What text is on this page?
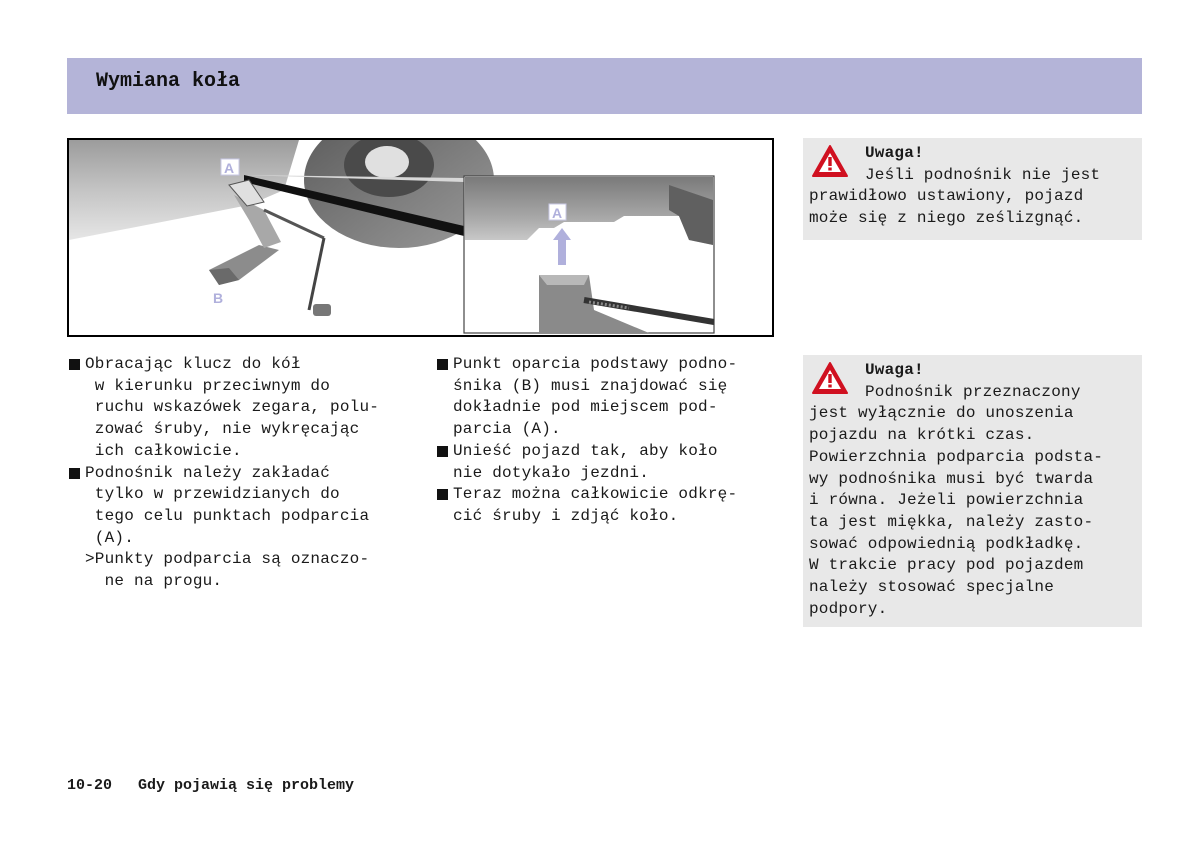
Wymiana koła
A
B
A
Obracając klucz do kół
w kierunku przeciwnym do
ruchu wskazówek zegara, polu-
zować śruby, nie wykręcając
ich całkowicie.
Podnośnik należy zakładać
tylko w przewidzianych do
tego celu punktach podparcia
(A).
>Punkty podparcia są oznaczo-
ne na progu.
Punkt oparcia podstawy podno-
śnika (B) musi znajdować się
dokładnie pod miejscem pod-
parcia (A).
Unieść pojazd tak, aby koło
nie dotykało jezdni.
Teraz można całkowicie odkrę-
cić śruby i zdjąć koło.
Uwaga!
Jeśli podnośnik nie jest
prawidłowo ustawiony, pojazd
może się z niego ześlizgnąć.
Uwaga!
Podnośnik przeznaczony
jest wyłącznie do unoszenia
pojazdu na krótki czas.
Powierzchnia podparcia podsta-
wy podnośnika musi być twarda
i równa. Jeżeli powierzchnia
ta jest miękka, należy zasto-
sować odpowiednią podkładkę.
W trakcie pracy pod pojazdem
należy stosować specjalne
podpory.
10-20 Gdy pojawią się problemy
